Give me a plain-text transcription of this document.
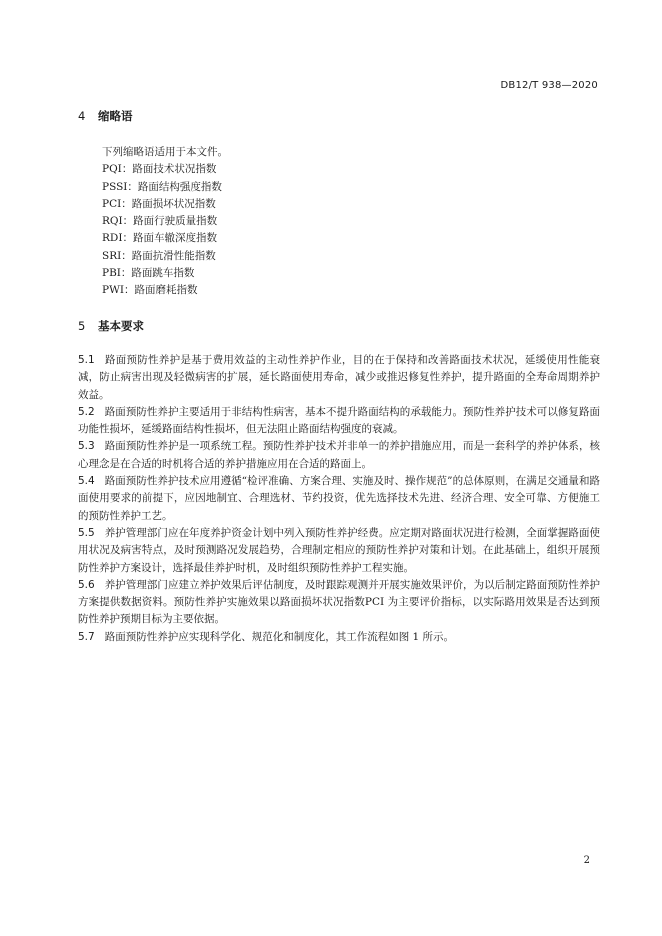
DB12/T 938—2020
4 缩略语
下列缩略语适用于本文件。
PQI：路面技术状况指数
PSSI：路面结构强度指数
PCI：路面损坏状况指数
RQI：路面行驶质量指数
RDI：路面车辙深度指数
SRI：路面抗滑性能指数
PBI：路面跳车指数
PWI：路面磨耗指数
5 基本要求
5.1 路面预防性养护是基于费用效益的主动性养护作业，目的在于保持和改善路面技术状况，延缓使用性能衰减，防止病害出现及轻微病害的扩展，延长路面使用寿命，减少或推迟修复性养护，提升路面的全寿命周期养护效益。
5.2 路面预防性养护主要适用于非结构性病害，基本不提升路面结构的承载能力。预防性养护技术可以修复路面功能性损坏，延缓路面结构性损坏，但无法阻止路面结构强度的衰减。
5.3 路面预防性养护是一项系统工程。预防性养护技术并非单一的养护措施应用，而是一套科学的养护体系，核心理念是在合适的时机将合适的养护措施应用在合适的路面上。
5.4 路面预防性养护技术应用遵循“检评准确、方案合理、实施及时、操作规范”的总体原则，在满足交通量和路面使用要求的前提下，应因地制宜、合理选材、节约投资，优先选择技术先进、经济合理、安全可靠、方便施工的预防性养护工艺。
5.5 养护管理部门应在年度养护资金计划中列入预防性养护经费。应定期对路面状况进行检测，全面掌握路面使用状况及病害特点，及时预测路况发展趋势，合理制定相应的预防性养护对策和计划。在此基础上，组织开展预防性养护方案设计，选择最佳养护时机，及时组织预防性养护工程实施。
5.6 养护管理部门应建立养护效果后评估制度，及时跟踪观测并开展实施效果评价，为以后制定路面预防性养护方案提供数据资料。预防性养护实施效果以路面损坏状况指数PCI 为主要评价指标，以实际路用效果是否达到预防性养护预期目标为主要依据。
5.7 路面预防性养护应实现科学化、规范化和制度化，其工作流程如图 1 所示。
2
